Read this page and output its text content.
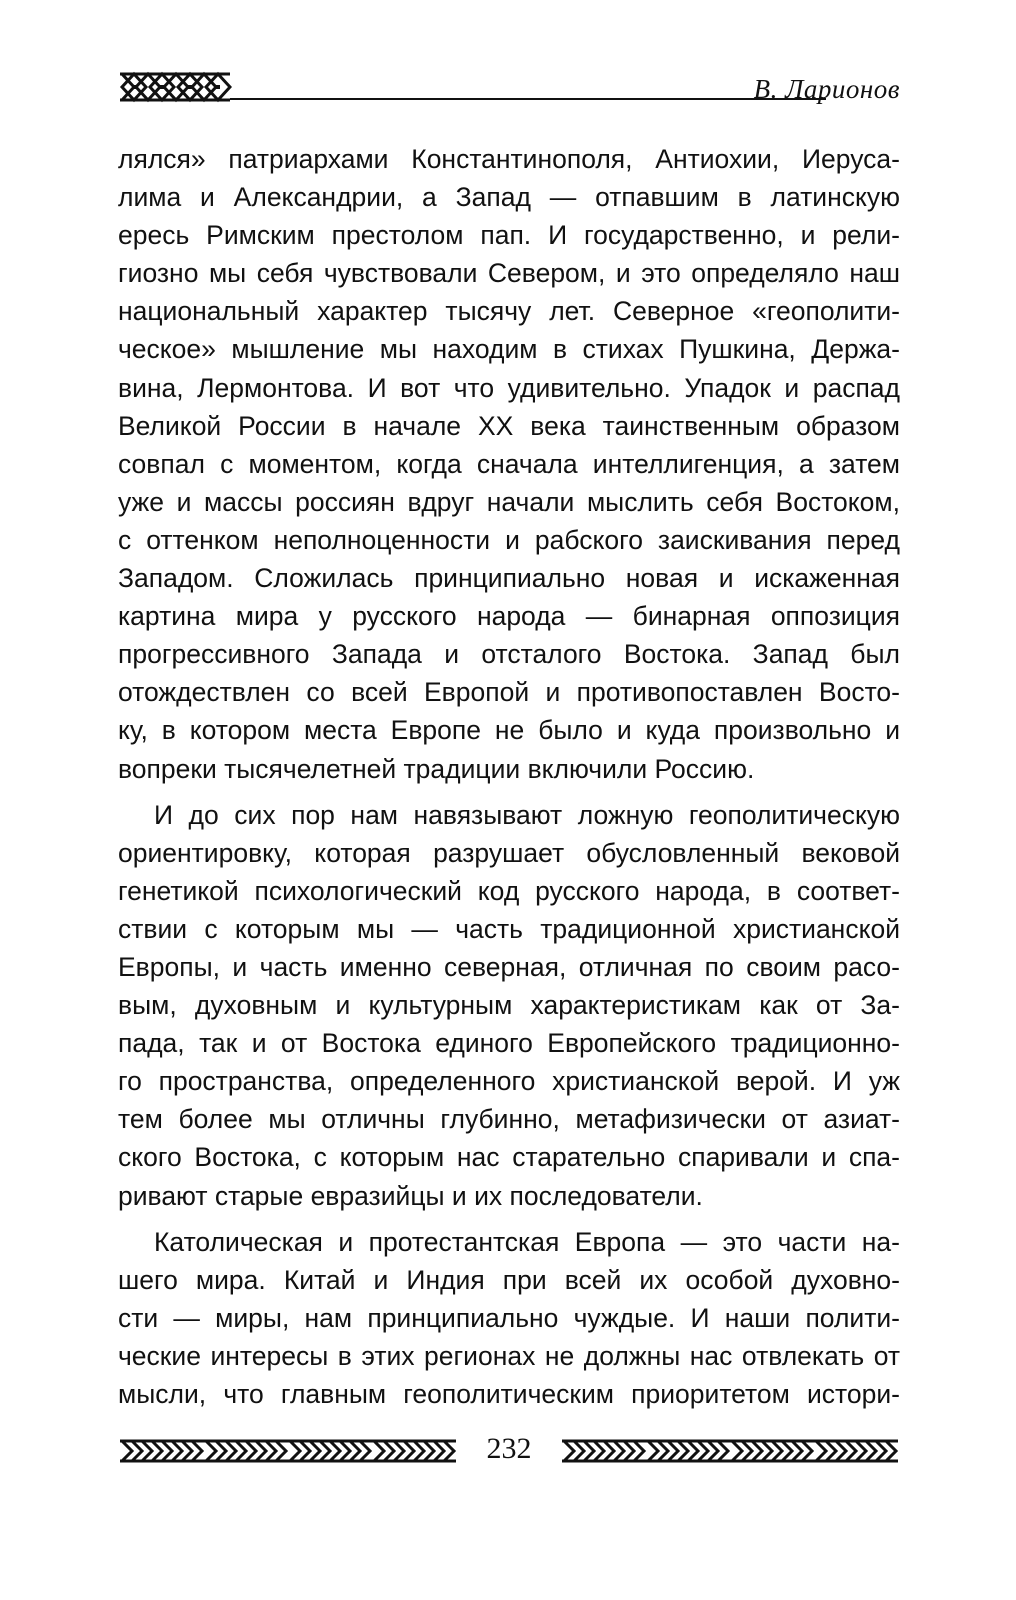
В. Ларионов
лялся» патриархами Константинополя, Антиохии, Иеруса-
лима и Александрии, а Запад — отпавшим в латинскую
ересь Римским престолом пап. И государственно, и рели-
гиозно мы себя чувствовали Севером, и это определяло наш
национальный характер тысячу лет. Северное «геополити-
ческое» мышление мы находим в стихах Пушкина, Держа-
вина, Лермонтова. И вот что удивительно. Упадок и распад
Великой России в начале XX века таинственным образом
совпал с моментом, когда сначала интеллигенция, а затем
уже и массы россиян вдруг начали мыслить себя Востоком,
с оттенком неполноценности и рабского заискивания перед
Западом. Сложилась принципиально новая и искаженная
картина мира у русского народа — бинарная оппозиция
прогрессивного Запада и отсталого Востока. Запад был
отождествлен со всей Европой и противопоставлен Восто-
ку, в котором места Европе не было и куда произвольно и
вопреки тысячелетней традиции включили Россию.
И до сих пор нам навязывают ложную геополитическую
ориентировку, которая разрушает обусловленный вековой
генетикой психологический код русского народа, в соответ-
ствии с которым мы — часть традиционной христианской
Европы, и часть именно северная, отличная по своим расо-
вым, духовным и культурным характеристикам как от За-
пада, так и от Востока единого Европейского традиционно-
го пространства, определенного христианской верой. И уж
тем более мы отличны глубинно, метафизически от азиат-
ского Востока, с которым нас старательно спаривали и спа-
ривают старые евразийцы и их последователи.
Католическая и протестантская Европа — это части на-
шего мира. Китай и Индия при всей их особой духовно-
сти — миры, нам принципиально чуждые. И наши полити-
ческие интересы в этих регионах не должны нас отвлекать от
мысли, что главным геополитическим приоритетом истори-
232
